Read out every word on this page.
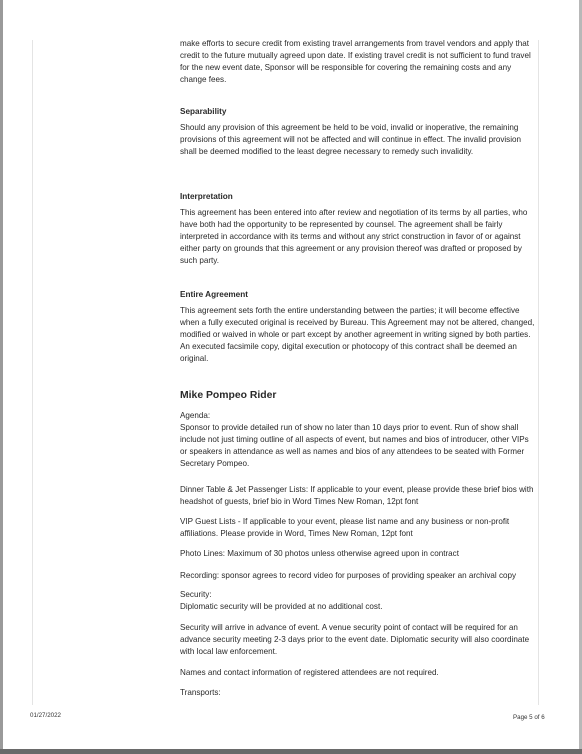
make efforts to secure credit from existing travel arrangements from travel vendors and apply that credit to the future mutually agreed upon date. If existing travel credit is not sufficient to fund travel for the new event date, Sponsor will be responsible for covering the remaining costs and any change fees.

Separability

Should any provision of this agreement be held to be void, invalid or inoperative, the remaining provisions of this agreement will not be affected and will continue in effect. The invalid provision shall be deemed modified to the least degree necessary to remedy such invalidity.

Interpretation

This agreement has been entered into after review and negotiation of its terms by all parties, who have both had the opportunity to be represented by counsel. The agreement shall be fairly interpreted in accordance with its terms and without any strict construction in favor of or against either party on grounds that this agreement or any provision thereof was drafted or proposed by such party.

Entire Agreement

This agreement sets forth the entire understanding between the parties; it will become effective when a fully executed original is received by Bureau. This Agreement may not be altered, changed, modified or waived in whole or part except by another agreement in writing signed by both parties. An executed facsimile copy, digital execution or photocopy of this contract shall be deemed an original.

Mike Pompeo Rider

Agenda:

Sponsor to provide detailed run of show no later than 10 days prior to event. Run of show shall include not just timing outline of all aspects of event, but names and bios of introducer, other VIPs or speakers in attendance as well as names and bios of any attendees to be seated with Former Secretary Pompeo.

Dinner Table & Jet Passenger Lists: If applicable to your event, please provide these brief bios with headshot of guests, brief bio in Word Times New Roman, 12pt font

VIP Guest Lists - If applicable to your event, please list name and any business or non-profit affiliations. Please provide in Word, Times New Roman, 12pt font

Photo Lines: Maximum of 30 photos unless otherwise agreed upon in contract

Recording: sponsor agrees to record video for purposes of providing speaker an archival copy

Security:

Diplomatic security will be provided at no additional cost.

Security will arrive in advance of event. A venue security point of contact will be required for an advance security meeting 2-3 days prior to the event date. Diplomatic security will also coordinate with local law enforcement.

Names and contact information of registered attendees are not required.

Transports:

01/27/2022	Page 5 of 6
